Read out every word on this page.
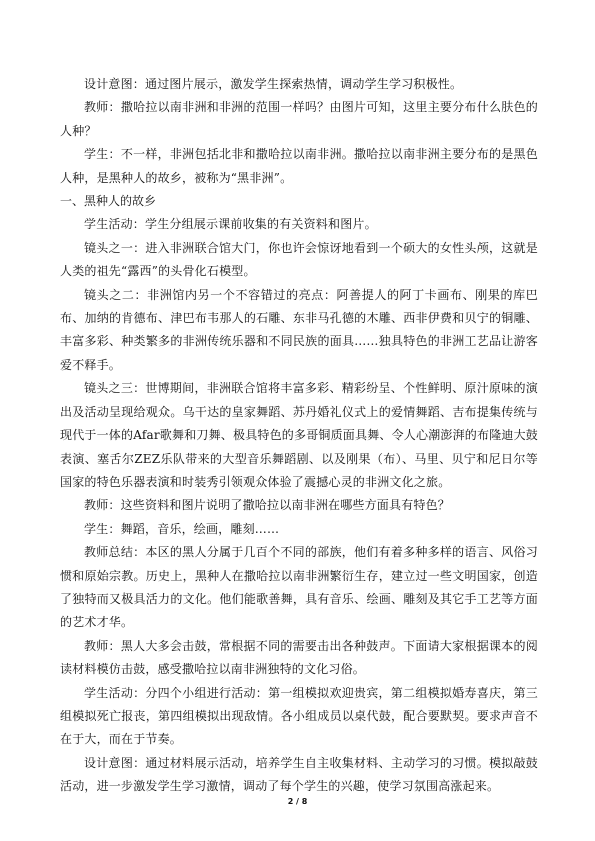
设计意图：通过图片展示，激发学生探索热情，调动学生学习积极性。

教师：撒哈拉以南非洲和非洲的范围一样吗？由图片可知，这里主要分布什么肤色的人种？

学生：不一样，非洲包括北非和撒哈拉以南非洲。撒哈拉以南非洲主要分布的是黑色人种，是黑种人的故乡，被称为“黑非洲”。

一、黑种人的故乡

学生活动：学生分组展示课前收集的有关资料和图片。

镜头之一：进入非洲联合馆大门，你也许会惊讶地看到一个硕大的女性头颅，这就是人类的祖先“露西”的头骨化石模型。

镜头之二：非洲馆内另一个不容错过的亮点：阿善提人的阿丁卡画布、刚果的库巴布、加纳的肯德布、津巴布韦那人的石雕、东非马孔德的木雕、西非伊费和贝宁的铜雕、丰富多彩、种类繁多的非洲传统乐器和不同民族的面具……独具特色的非洲工艺品让游客爱不释手。

镜头之三：世博期间，非洲联合馆将丰富多彩、精彩纷呈、个性鲜明、原汁原味的演出及活动呈现给观众。乌干达的皇家舞蹈、苏丹婚礼仪式上的爱情舞蹈、吉布提集传统与现代于一体的Afar歌舞和刀舞、极具特色的多哥铜质面具舞、令人心潮澎湃的布隆迪大鼓表演、塞舌尔ZEZ乐队带来的大型音乐舞蹈剧、以及刚果（布）、马里、贝宁和尼日尔等国家的特色乐器表演和时装秀引领观众体验了震撼心灵的非洲文化之旅。

教师：这些资料和图片说明了撒哈拉以南非洲在哪些方面具有特色？

学生：舞蹈，音乐，绘画，雕刻……

教师总结：本区的黑人分属于几百个不同的部族，他们有着多种多样的语言、风俗习惯和原始宗教。历史上，黑种人在撒哈拉以南非洲繁衍生存，建立过一些文明国家，创造了独特而又极具活力的文化。他们能歌善舞，具有音乐、绘画、雕刻及其它手工艺等方面的艺术才华。

教师：黑人大多会击鼓，常根据不同的需要击出各种鼓声。下面请大家根据课本的阅读材料模仿击鼓，感受撒哈拉以南非洲独特的文化习俗。

学生活动：分四个小组进行活动：第一组模拟欢迎贵宾，第二组模拟婚寿喜庆，第三组模拟死亡报丧，第四组模拟出现敌情。各小组成员以桌代鼓，配合要默契。要求声音不在于大，而在于节奏。

设计意图：通过材料展示活动，培养学生自主收集材料、主动学习的习惯。模拟敲鼓活动，进一步激发学生学习激情，调动了每个学生的兴趣，使学习氛围高涨起来。

2 / 8
